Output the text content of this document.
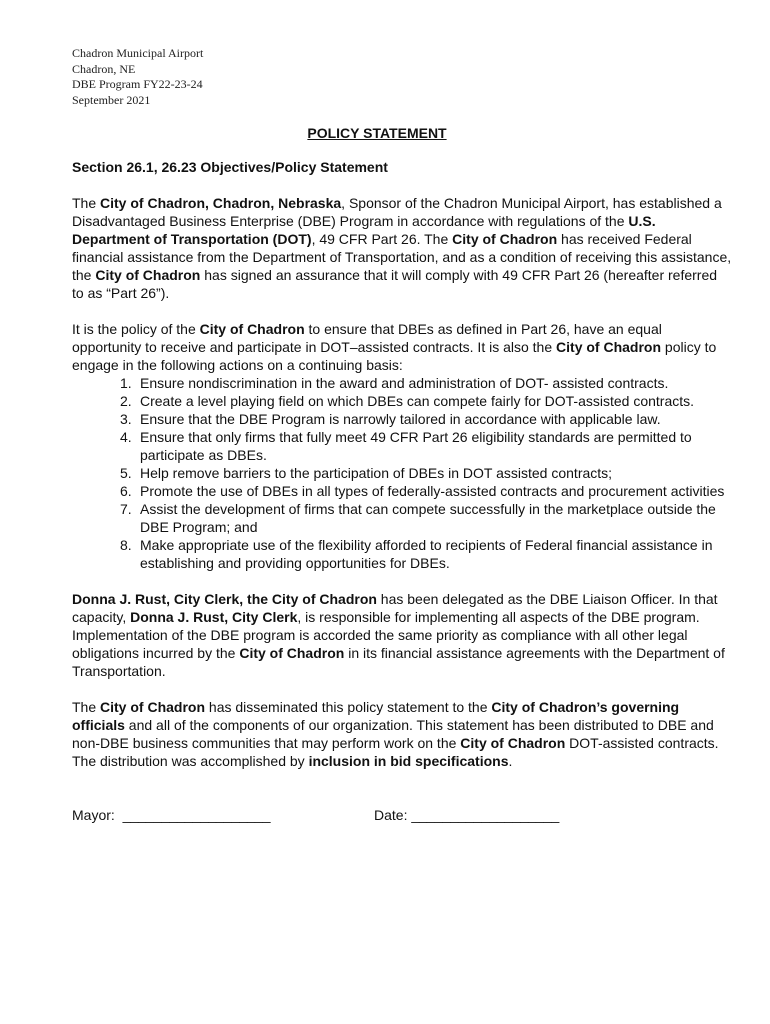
Chadron Municipal Airport
Chadron, NE
DBE Program FY22-23-24
September 2021
POLICY STATEMENT
Section 26.1, 26.23 Objectives/Policy Statement

The City of Chadron, Chadron, Nebraska, Sponsor of the Chadron Municipal Airport, has established a Disadvantaged Business Enterprise (DBE) Program in accordance with regulations of the U.S. Department of Transportation (DOT), 49 CFR Part 26. The City of Chadron has received Federal financial assistance from the Department of Transportation, and as a condition of receiving this assistance, the City of Chadron has signed an assurance that it will comply with 49 CFR Part 26 (hereafter referred to as “Part 26”).

It is the policy of the City of Chadron to ensure that DBEs as defined in Part 26, have an equal opportunity to receive and participate in DOT–assisted contracts. It is also the City of Chadron policy to engage in the following actions on a continuing basis:

1. Ensure nondiscrimination in the award and administration of DOT- assisted contracts.
2. Create a level playing field on which DBEs can compete fairly for DOT-assisted contracts.
3. Ensure that the DBE Program is narrowly tailored in accordance with applicable law.
4. Ensure that only firms that fully meet 49 CFR Part 26 eligibility standards are permitted to participate as DBEs.
5. Help remove barriers to the participation of DBEs in DOT assisted contracts;
6. Promote the use of DBEs in all types of federally-assisted contracts and procurement activities
7. Assist the development of firms that can compete successfully in the marketplace outside the DBE Program; and
8. Make appropriate use of the flexibility afforded to recipients of Federal financial assistance in establishing and providing opportunities for DBEs.

Donna J. Rust, City Clerk, the City of Chadron has been delegated as the DBE Liaison Officer. In that capacity, Donna J. Rust, City Clerk, is responsible for implementing all aspects of the DBE program. Implementation of the DBE program is accorded the same priority as compliance with all other legal obligations incurred by the City of Chadron in its financial assistance agreements with the Department of Transportation.

The City of Chadron has disseminated this policy statement to the City of Chadron’s governing officials and all of the components of our organization. This statement has been distributed to DBE and non-DBE business communities that may perform work on the City of Chadron DOT-assisted contracts. The distribution was accomplished by inclusion in bid specifications.

Mayor: ___________________	Date: ___________________
